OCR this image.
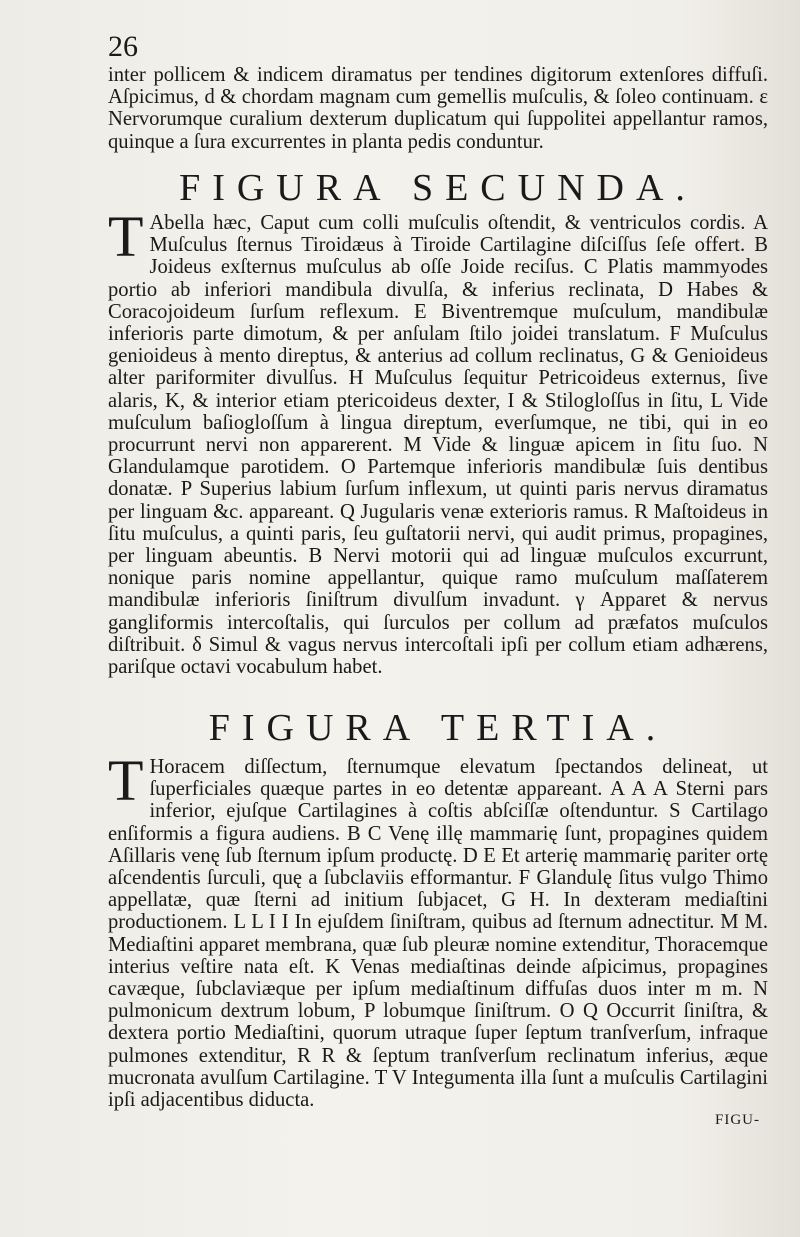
26

inter pollicem & indicem diramatus per tendines digitorum extenſores diffuſi. Aſpicimus, d & chordam magnam cum gemellis muſculis, & ſoleo continuam. ε Nervorumque curalium dexterum duplicatum qui ſuppolitei appellantur ramos, quinque a ſura excurrentes in planta pedis conduntur.

FIGURA SECUNDA.
T Abella hæc, Caput cum colli muſculis oſtendit, & ventriculos cordis. A Muſculus ſternus Tiroidæus à Tiroide Cartilagine diſciſſus ſeſe offert. B Joideus exſternus muſculus ab oſſe Joide reciſus. C Platis mammyodes portio ab inferiori mandibula divulſa, & inferius reclinata, D Habes & Coracojoideum ſurſum reflexum. E Biventremque muſculum, mandibulæ inferioris parte dimotum, & per anſulam ſtilo joidei translatum. F Muſculus genioideus à mento direptus, & anterius ad collum reclinatus, G & Genioideus alter pariformiter divulſus. H Muſculus ſequitur Petricoideus externus, ſive alaris, K, & interior etiam ptericoideus dexter, I & Stilogloſſus in ſitu, L Vide muſculum baſiogloſſum à lingua direptum, everſumque, ne tibi, qui in eo procurrunt nervi non apparerent. M Vide & linguæ apicem in ſitu ſuo. N Glandulamque parotidem. O Partemque inferioris mandibulæ ſuis dentibus donatæ. P Superius labium ſurſum inflexum, ut quinti paris nervus diramatus per linguam &c. appareant. Q Jugularis venæ exterioris ramus. R Maſtoideus in ſitu muſculus, a quinti paris, ſeu guſtatorii nervi, qui audit primus, propagines, per linguam abeuntis. B Nervi motorii qui ad linguæ muſculos excurrunt, nonique paris nomine appellantur, quique ramo muſculum maſſaterem mandibulæ inferioris ſiniſtrum divulſum invadunt. γ Apparet & nervus gangliformis intercoſtalis, qui ſurculos per collum ad præfatos muſculos diſtribuit. δ Simul & vagus nervus intercoſtali ipſi per collum etiam adhærens, pariſque octavi vocabulum habet.

FIGURA TERTIA.
T Horacem diſſectum, ſternumque elevatum ſpectandos delineat, ut ſuperficiales quæque partes in eo detentæ appareant. A A A Sterni pars inferior, ejuſque Cartilagines à coſtis abſciſſæ oſtenduntur. S Cartilago enſiformis a figura audiens. B C Venę illę mammarię ſunt, propagines quidem Aſillaris venę ſub ſternum ipſum productę. D E Et arterię mammarię pariter ortę aſcendentis ſurculi, quę a ſubclaviis efformantur. F Glandulę ſitus vulgo Thimo appellatæ, quæ ſterni ad initium ſubjacet, G H. In dexteram mediaſtini productionem. L L I I In ejuſdem ſiniſtram, quibus ad ſternum adnectitur. M M. Mediaſtini apparet membrana, quæ ſub pleuræ nomine extenditur, Thoracemque interius veſtire nata eſt. K Venas mediaſtinas deinde aſpicimus, propagines cavæque, ſubclaviæque per ipſum mediaſtinum diffuſas duos inter m m. N pulmonicum dextrum lobum, P lobumque ſiniſtrum. O Q Occurrit ſiniſtra, & dextera portio Mediaſtini, quorum utraque ſuper ſeptum tranſverſum, infraque pulmones extenditur, R R & ſeptum tranſverſum reclinatum inferius, æque mucronata avulſum Cartilagine. T V Integumenta illa ſunt a muſculis Cartilagini ipſi adjacentibus diducta.

FIGU-
